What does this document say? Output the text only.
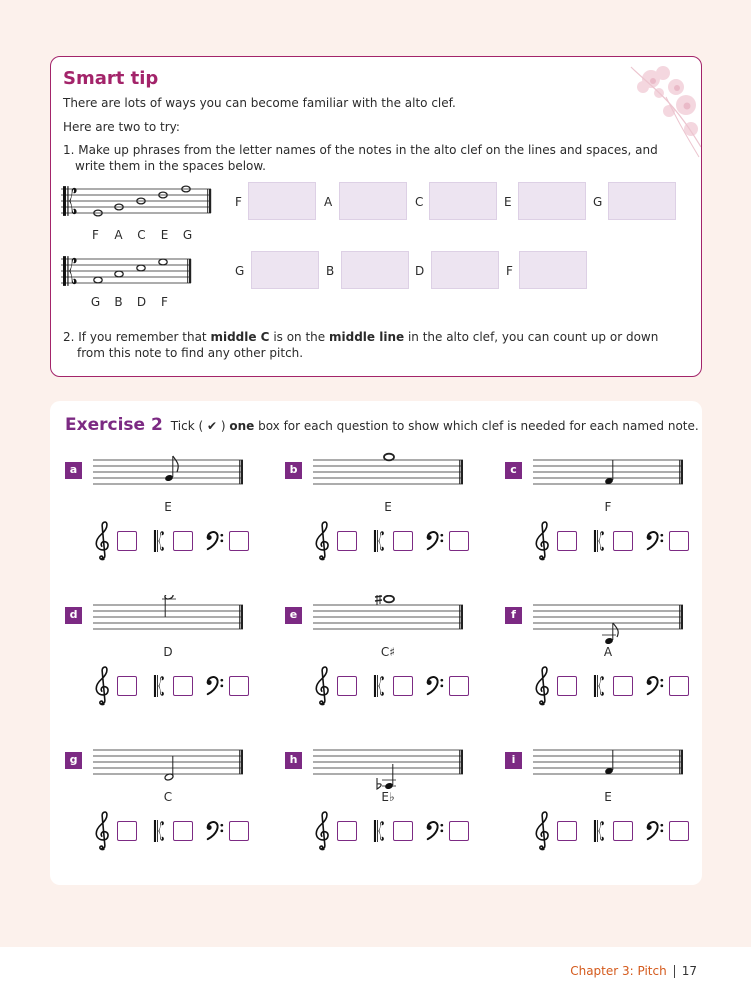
Smart tip
There are lots of ways you can become familiar with the alto clef.
Here are two to try:
1. Make up phrases from the letter names of the notes in the alto clef on the lines and spaces, and write them in the spaces below.
F A C E G
F	A	C	E	G
G B D F
G	B	D	F
2. If you remember that middle C is on the middle line in the alto clef, you can count up or down from this note to find any other pitch.
Exercise 2 Tick ( ✔ ) one box for each question to show which clef is needed for each named note.
a
E
b
E
c
F
d
D
e
C♯
f
A
g
C
h
E♭
i
E
Chapter 3: Pitch 17
